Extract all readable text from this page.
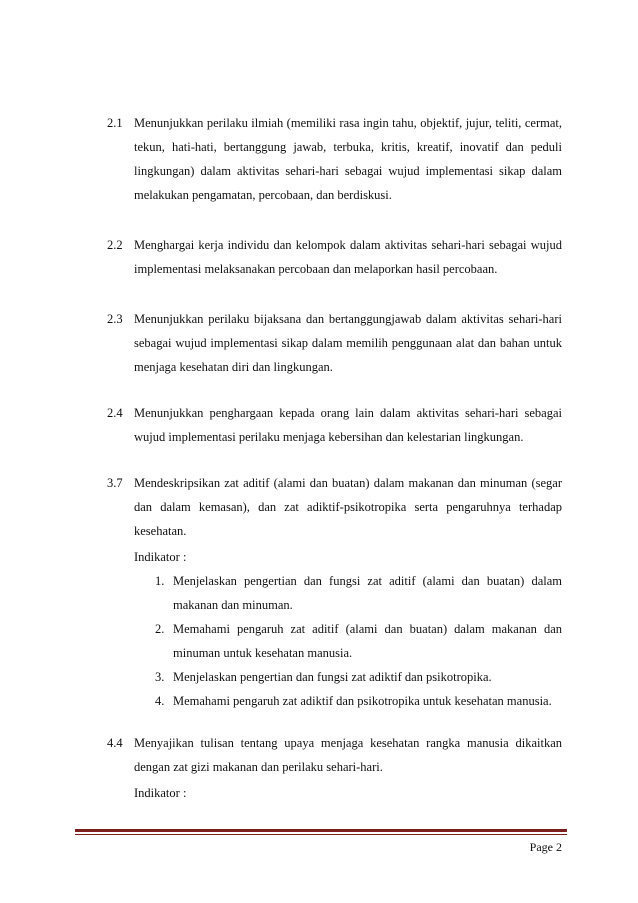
2.1 Menunjukkan perilaku ilmiah (memiliki rasa ingin tahu, objektif, jujur, teliti, cermat, tekun, hati-hati, bertanggung jawab, terbuka, kritis, kreatif, inovatif dan peduli lingkungan) dalam aktivitas sehari-hari sebagai wujud implementasi sikap dalam melakukan pengamatan, percobaan, dan berdiskusi.
2.2 Menghargai kerja individu dan kelompok dalam aktivitas sehari-hari sebagai wujud implementasi melaksanakan percobaan dan melaporkan hasil percobaan.
2.3 Menunjukkan perilaku bijaksana dan bertanggungjawab dalam aktivitas sehari-hari sebagai wujud implementasi sikap dalam memilih penggunaan alat dan bahan untuk menjaga kesehatan diri dan lingkungan.
2.4 Menunjukkan penghargaan kepada orang lain dalam aktivitas sehari-hari sebagai wujud implementasi perilaku menjaga kebersihan dan kelestarian lingkungan.
3.7 Mendeskripsikan zat aditif (alami dan buatan) dalam makanan dan minuman (segar dan dalam kemasan), dan zat adiktif-psikotropika serta pengaruhnya terhadap kesehatan.
Indikator :
1. Menjelaskan pengertian dan fungsi zat aditif (alami dan buatan) dalam makanan dan minuman.
2. Memahami pengaruh zat aditif (alami dan buatan) dalam makanan dan minuman untuk kesehatan manusia.
3. Menjelaskan pengertian dan fungsi zat adiktif dan psikotropika.
4. Memahami pengaruh zat adiktif dan psikotropika untuk kesehatan manusia.
4.4 Menyajikan tulisan tentang upaya menjaga kesehatan rangka manusia dikaitkan dengan zat gizi makanan dan perilaku sehari-hari.
Indikator :
Page 2
